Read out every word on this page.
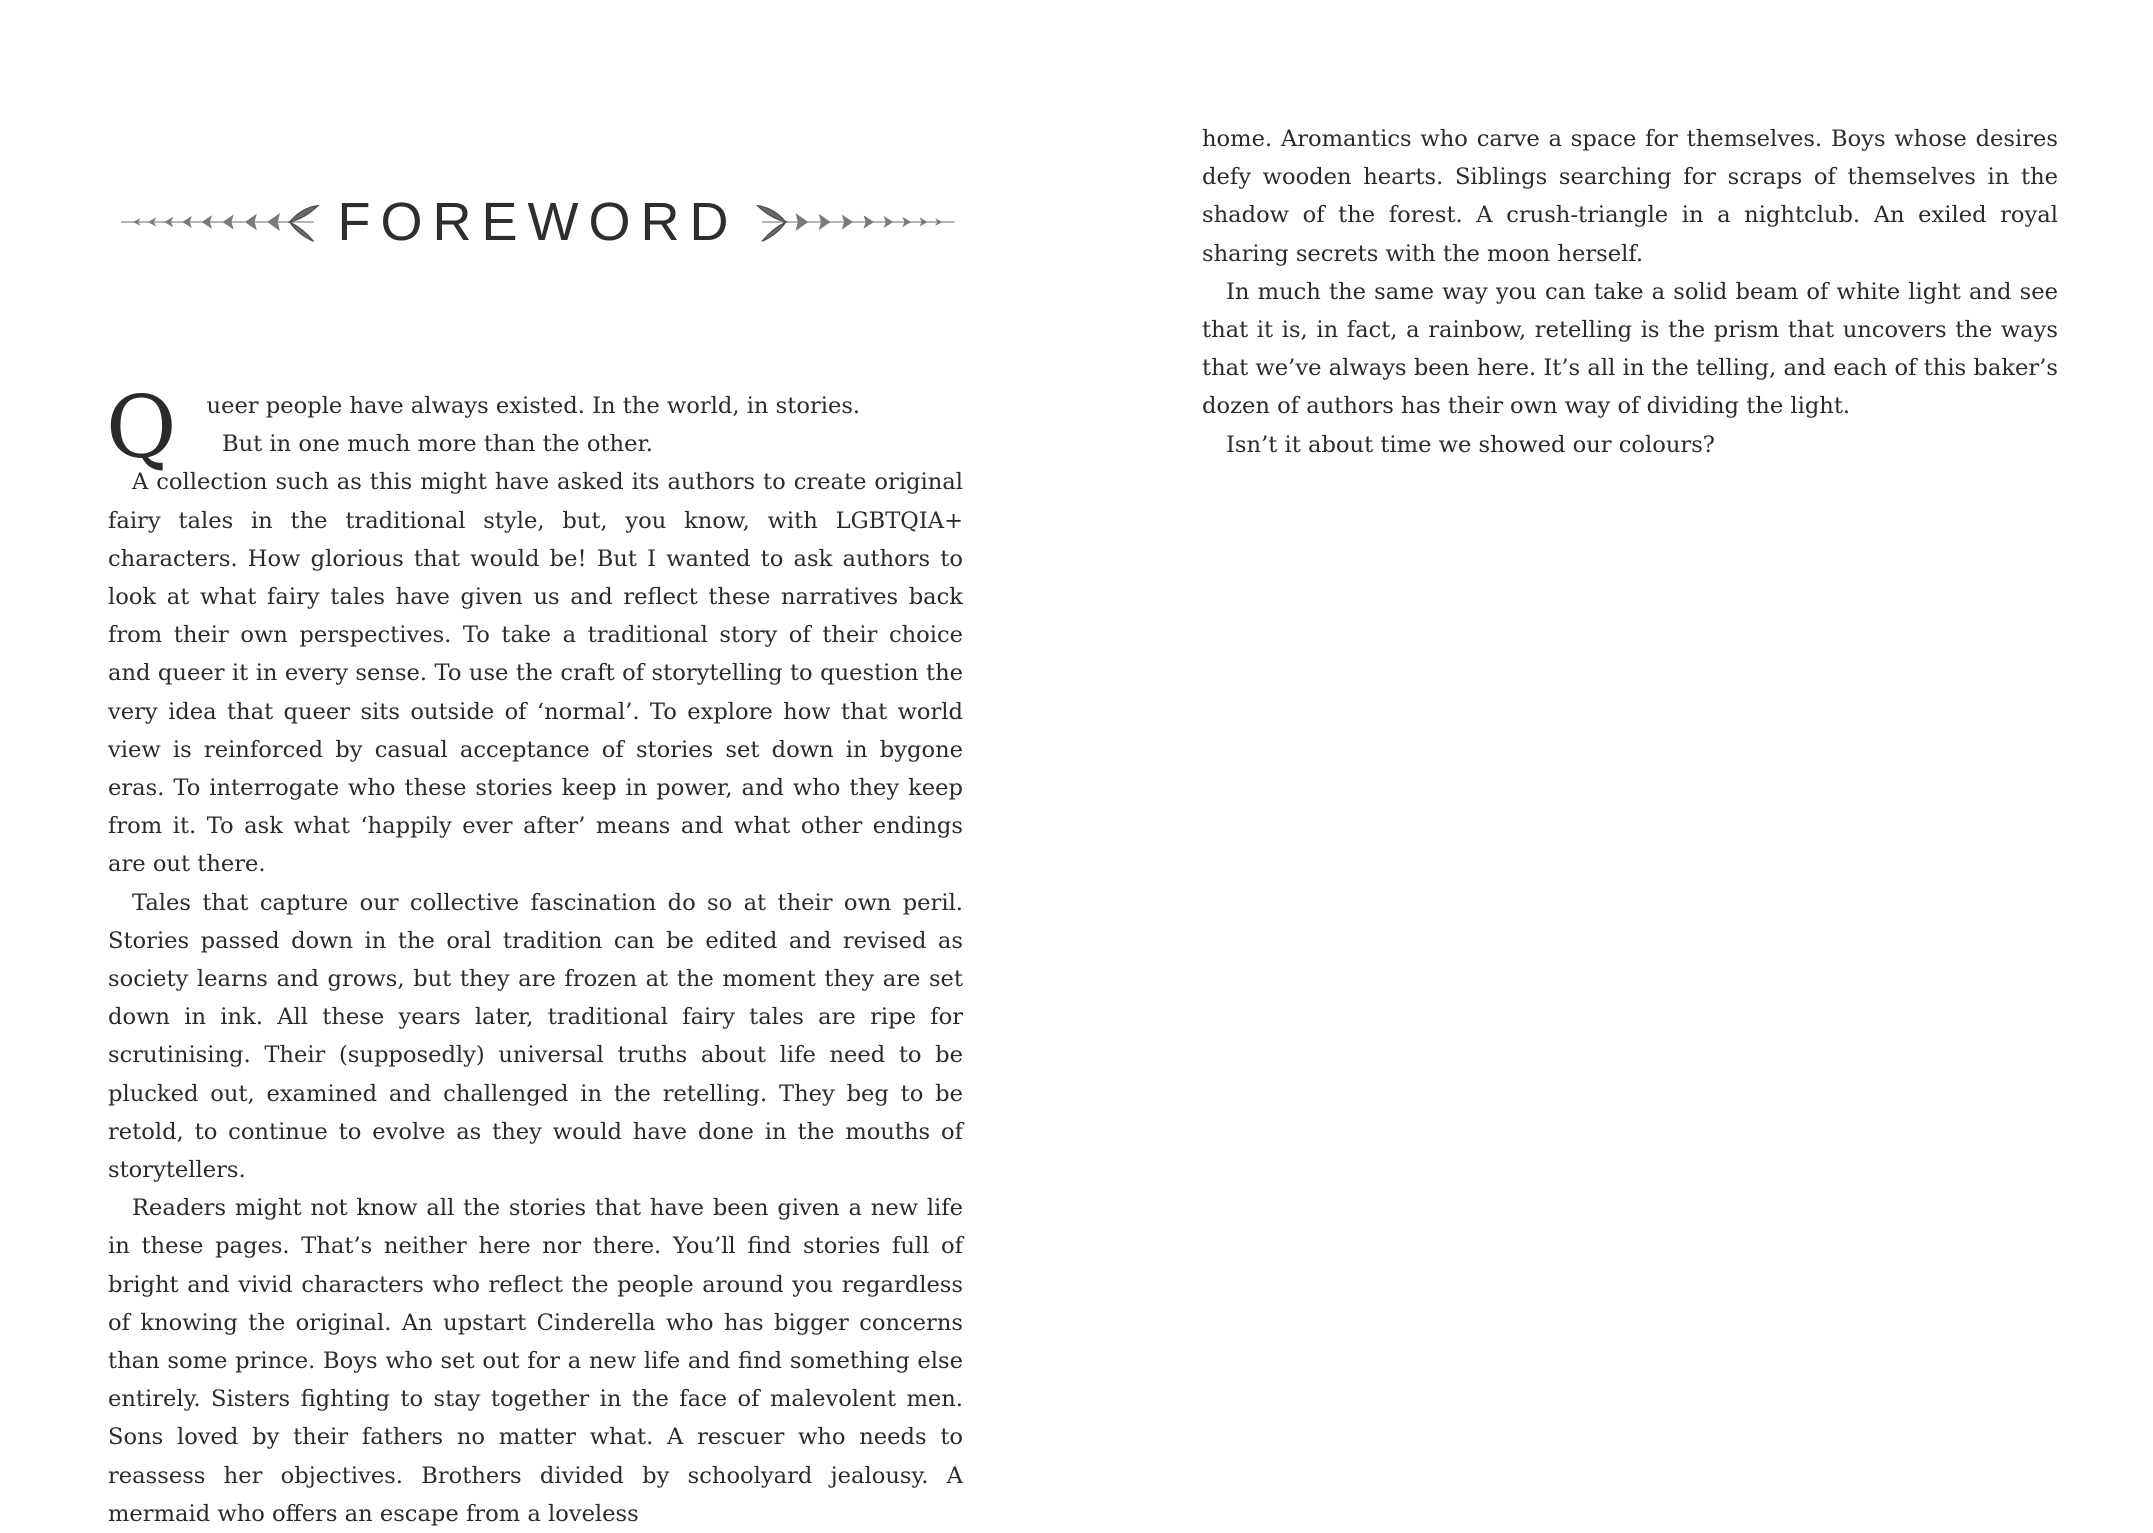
FOREWORD
Q	ueer people have always existed. In the world, in stories.

But in one much more than the other.

A collection such as this might have asked its authors to create original fairy tales in the traditional style, but, you know, with LGBTQIA+ characters. How glorious that would be! But I wanted to ask authors to look at what fairy tales have given us and reflect these narratives back from their own perspectives. To take a traditional story of their choice and queer it in every sense. To use the craft of storytelling to question the very idea that queer sits outside of ‘normal’. To explore how that world view is reinforced by casual acceptance of stories set down in bygone eras. To interrogate who these stories keep in power, and who they keep from it. To ask what ‘happily ever after’ means and what other endings are out there.

Tales that capture our collective fascination do so at their own peril. Stories passed down in the oral tradition can be edited and revised as society learns and grows, but they are frozen at the moment they are set down in ink. All these years later, traditional fairy tales are ripe for scrutinising. Their (supposedly) universal truths about life need to be plucked out, examined and challenged in the retelling. They beg to be retold, to continue to evolve as they would have done in the mouths of storytellers.

Readers might not know all the stories that have been given a new life in these pages. That’s neither here nor there. You’ll find stories full of bright and vivid characters who reflect the people around you regardless of knowing the original. An upstart Cinderella who has bigger concerns than some prince. Boys who set out for a new life and find something else entirely. Sisters fighting to stay together in the face of malevolent men. Sons loved by their fathers no matter what. A rescuer who needs to reassess her objectives. Brothers divided by schoolyard jealousy. A mermaid who offers an escape from a loveless

home. Aromantics who carve a space for themselves. Boys whose desires defy wooden hearts. Siblings searching for scraps of themselves in the shadow of the forest. A crush-triangle in a nightclub. An exiled royal sharing secrets with the moon herself.

In much the same way you can take a solid beam of white light and see that it is, in fact, a rainbow, retelling is the prism that uncovers the ways that we’ve always been here. It’s all in the telling, and each of this baker’s dozen of authors has their own way of dividing the light.

Isn’t it about time we showed our colours?
